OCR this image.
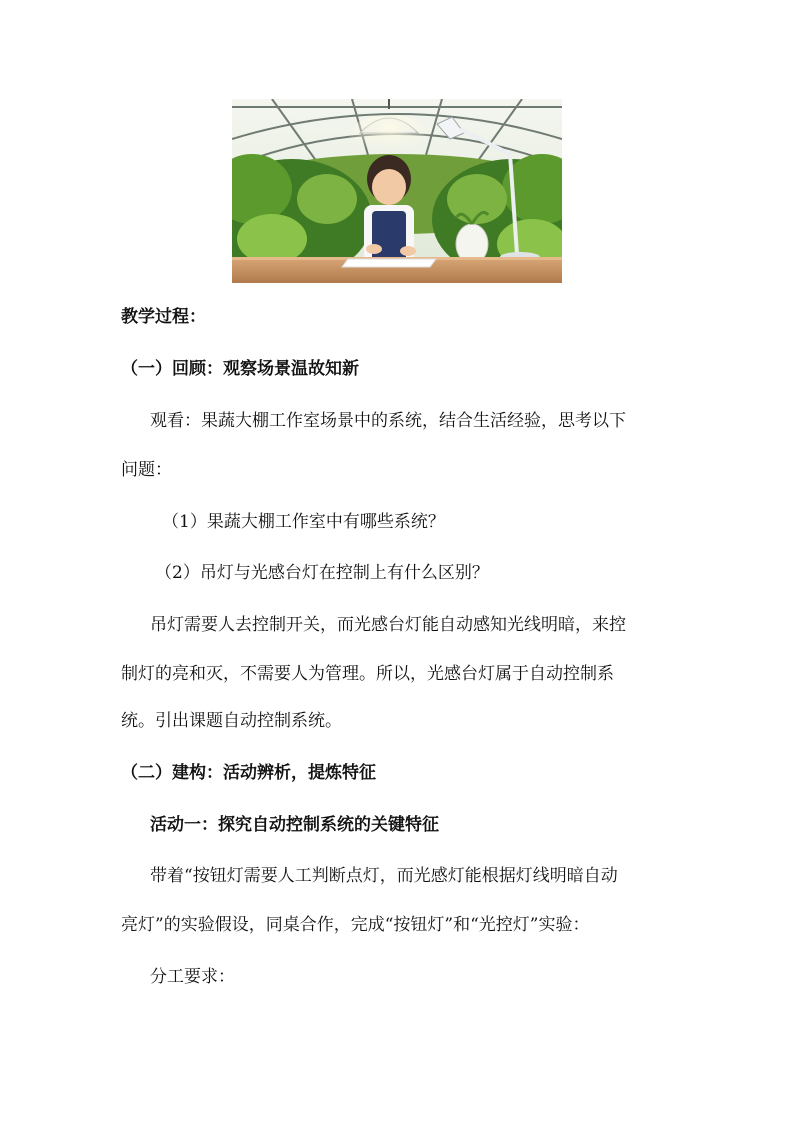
教学过程：
（一）回顾：观察场景温故知新
观看：果蔬大棚工作室场景中的系统，结合生活经验，思考以下
问题：
（1）果蔬大棚工作室中有哪些系统？
（2）吊灯与光感台灯在控制上有什么区别？
吊灯需要人去控制开关，而光感台灯能自动感知光线明暗，来控
制灯的亮和灭，不需要人为管理。所以，光感台灯属于自动控制系
统。引出课题自动控制系统。
（二）建构：活动辨析，提炼特征
活动一：探究自动控制系统的关键特征
带着“按钮灯需要人工判断点灯，而光感灯能根据灯线明暗自动
亮灯”的实验假设，同桌合作，完成“按钮灯”和“光控灯”实验：
分工要求：
